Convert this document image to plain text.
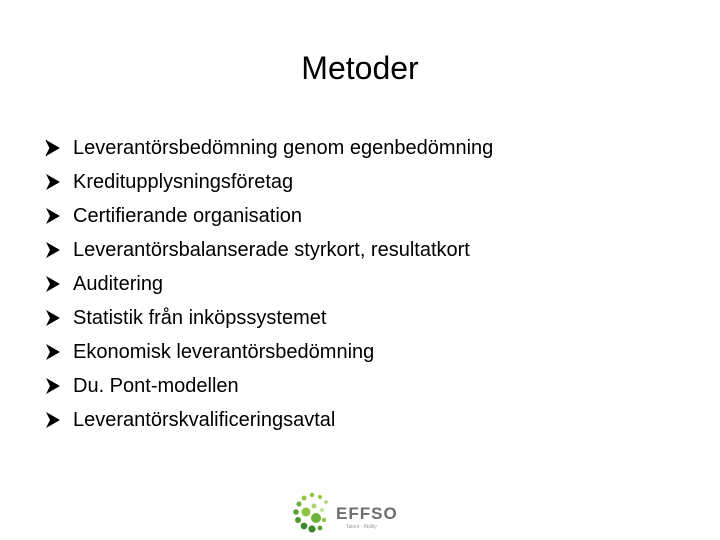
Metoder
Leverantörsbedömning genom egenbedömning
Kreditupplysningsföretag
Certifierande organisation
Leverantörsbalanserade styrkort, resultatkort
Auditering
Statistik från inköpssystemet
Ekonomisk leverantörsbedömning
Du. Pont-modellen
Leverantörskvalificeringsavtal
EFFSO
Talent · Ability
